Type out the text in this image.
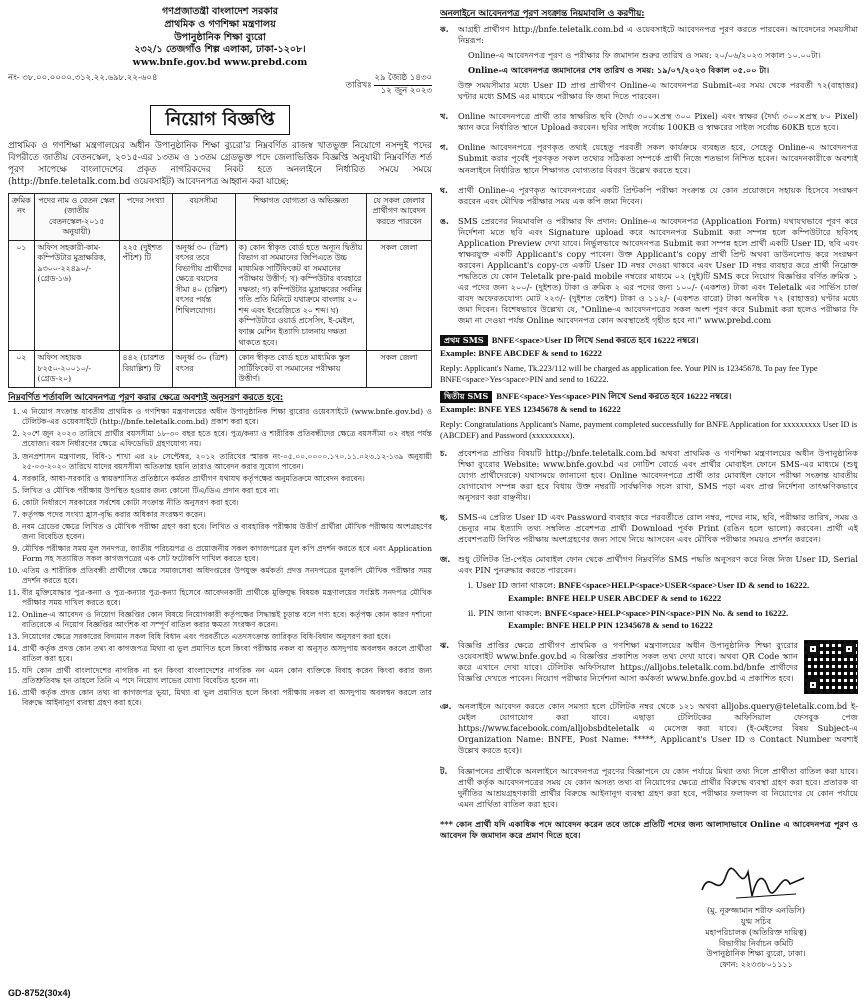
গণপ্রজাতন্ত্রী বাংলাদেশ সরকার
প্রাথমিক ও গণশিক্ষা মন্ত্রণালয়
উপানুষ্ঠানিক শিক্ষা ব্যুরো
২৩২/১ তেজগাঁও শিল্প এলাকা, ঢাকা-১২০৮।
www.bnfe.gov.bd www.prebd.com
নং- ৩৮.০০.০০০০.৩১২.২২.৬৯৮.২২-৬০৪
তারিখঃ
২৯ জ্যৈষ্ঠ ১৪৩০
১২ জুন ২০২৩
নিয়োগ বিজ্ঞপ্তি

প্রাথমিক ও গণশিক্ষা মন্ত্রণালয়ের অধীন উপানুষ্ঠানিক শিক্ষা ব্যুরো'র নিম্নবর্ণিত রাজস্ব খাতভুক্ত নিয়োগে নসন্দুই পদের বিপরীতে জাতীয় বেতনস্কেল, ২০১৫-এর ১৩তম ও ১৩তম গ্রেডভুক্ত পদে জেলাভিত্তিক বিজ্ঞপ্তি অনুযায়ী নিম্নবর্ণিত শর্ত পূরণ সাপেক্ষে বাংলাদেশের প্রকৃত নাগরিকদের নিকট হতে অনলাইনে নির্ধারিত সময়ে সময়ে (http://bnfe.teletalk.com.bd ওয়েবসাইট) আবেদনপত্র আহ্বান করা যাচ্ছে:

ক্রমিক নং	পদের নাম ও বেতন স্কেল (জাতীয় বেতনস্কেল-২০১৫ অনুযায়ী)	পদের সংখ্যা	বয়সসীমা	শিক্ষাগত যোগ্যতা ও অভিজ্ঞতা	যে সকল জেলার প্রার্থীগণ আবেদন করতে পারবেন
০১	অফিস সহকারী-কাম-কম্পিউটার মুদ্রাক্ষরিক, ৯৩০০-২২৪৯০/- (গ্রেড-১৬)	২২৫ (দুইশত পঁচিশ) টি	অনূর্ধ্ব ৩০ (ত্রিশ) বৎসর তবে বিভাগীয় প্রার্থীদের ক্ষেত্রে বয়সের সীমা ৪০ (চল্লিশ) বৎসর পর্যন্ত শিথিলযোগ্য।	ক) কোন স্বীকৃত বোর্ড হতে অন্যূন দ্বিতীয় বিভাগ বা সমমানের জিপিএতে উচ্চ মাধ্যমিক সার্টিফিকেট বা সমমানের পরীক্ষায় উত্তীর্ণ; খ) কম্পিউটার ব্যবহারে দক্ষতা; গ) কম্পিউটার মুদ্রাক্ষরের সর্বনিম্ন গতি প্রতি মিনিটে যথাক্রমে বাংলায় ২০ শব্দ এবং ইংরেজিতে ২০ শব্দ। ঘ) কম্পিউটারে ওয়ার্ড প্রসেসিং, ই-মেইল, ফ্যাক্স মেশিন ইত্যাদি চালনায় দক্ষতা থাকতে হবে।	সকল জেলা
০২	অফিস সহায়ক ৮২৫০-২০০১০/- (গ্রেড-২০)	৪৪২ (চারশত বিয়াল্লিশ) টি	অনূর্ধ্ব ৩০ (ত্রিশ) বৎসর	কোন স্বীকৃত বোর্ড হতে মাধ্যমিক স্কুল সার্টিফিকেট বা সমমানের পরীক্ষায় উত্তীর্ণ।	সকল জেলা
নিম্নবর্ণিত শর্তাবলি আবেদনপত্র পূরণ করার ক্ষেত্রে অবশ্যই অনুসরণ করতে হবে:
1. এ নিয়োগ সংক্রান্ত যাবতীয় প্রাথমিক ও গণশিক্ষা মন্ত্রণালয়ের অধীন উপানুষ্ঠানিক শিক্ষা ব্যুরোর ওয়েবসাইটে (www.bnfe.gov.bd) ও টেলিটক-এর ওয়েবসাইটে (http://bnfe.teletalk.com.bd) প্রকাশ করা হবে।
2. ২০শে জুন ২০২৩ তারিখে প্রার্থীর বয়সসীমা ১৮-৩০ বছর হতে হবে। পুত্র/কন্যা ও শারীরিক প্রতিবন্ধীদের ক্ষেত্রে বয়সসীমা ৩২ বছর পর্যন্ত প্রযোজ্য। বয়স নির্ধারণের ক্ষেত্রে এফিডেভিট গ্রহণযোগ্য নয়।
3. জনপ্রশাসন মন্ত্রণালয়, বিধি-১ শাখা এর ২৮ সেপ্টেম্বর, ২০১২ তারিখের স্মারক নং-০৫.০০.০০০০.১৭০.১১.০২৩.১২-১৩৯ অনুযায়ী ২৫-০৩-২০২০ তারিখে যাদের বয়সসীমা অতিক্রান্ত হয়নি তারাও আবেদন করার সুযোগ পাবেন।
4. সরকারি, আধা-সরকারি ও স্বায়ত্তশাসিত প্রতিষ্ঠানে কর্মরত প্রার্থীগণ যথাযথ কর্তৃপক্ষের অনুমতিক্রমে আবেদন করবেন।
5. লিখিত ও মৌখিক পরীক্ষায় উপস্থিত হওয়ার জন্য কোনো টিএ/ডিএ প্রদান করা হবে না।
6. কোটা নির্ধারণে সরকারের সর্বশেষ কোটা সংক্রান্ত নীতি অনুসরণ করা হবে।
7. কর্তৃপক্ষ পদের সংখ্যা হ্রাস-বৃদ্ধি করার অধিকার সংরক্ষণ করেন।
8. নবম গ্রেডের ক্ষেত্রে লিখিত ও মৌখিক পরীক্ষা গ্রহণ করা হবে। লিখিত ও ব্যবহারিক পরীক্ষায় উত্তীর্ণ প্রার্থীরা মৌখিক পরীক্ষায় অংশগ্রহণের জন্য বিবেচিত হবেন।
9. মৌখিক পরীক্ষার সময় মূল সনদপত্র, জাতীয় পরিচয়পত্র ও প্রয়োজনীয় সকল কাগজপত্রের মূল কপি প্রদর্শন করতে হবে এবং Application Form সহ সত্যায়িত সকল কাগজপত্রের এক সেট ফটোকপি দাখিল করতে হবে।
10. এতিম ও শারীরিক প্রতিবন্ধী প্রার্থীদের ক্ষেত্রে সমাজসেবা অধিদপ্তরের উপযুক্ত কর্মকর্তা প্রদত্ত সনদপত্রের মূলকপি মৌখিক পরীক্ষার সময় প্রদর্শন করতে হবে।
11. বীর মুক্তিযোদ্ধার পুত্র-কন্যা ও পুত্র-কন্যার পুত্র-কন্যা হিসেবে আবেদনকারী প্রার্থীকে মুক্তিযুদ্ধ বিষয়ক মন্ত্রণালয়ের সংশ্লিষ্ট সনদপত্র মৌখিক পরীক্ষার সময় দাখিল করতে হবে।
12. Online-এ আবেদন ও নিয়োগ বিজ্ঞপ্তির কোন বিষয়ে নিয়োগকারী কর্তৃপক্ষের সিদ্ধান্তই চূড়ান্ত বলে গণ্য হবে। কর্তৃপক্ষ কোন কারণ দর্শানো ব্যতিরেকে এ নিয়োগ বিজ্ঞপ্তির আংশিক বা সম্পূর্ণ বাতিল করার ক্ষমতা সংরক্ষণ করেন।
13. নিয়োগের ক্ষেত্রে সরকারের বিদ্যমান সকল বিধি বিধান এবং পরবর্তীতে এতদসংক্রান্ত জারিকৃত বিধি-বিধান অনুসরণ করা হবে।
14. প্রার্থী কর্তৃক প্রদত্ত কোন তথ্য বা কাগজপত্র মিথ্যা বা ভুল প্রমাণিত হলে কিংবা পরীক্ষায় নকল বা অনুসৃত অসদুপায় অবলম্বন করলে প্রার্থীতা বাতিল করা হবে।
15. যদি কোন প্রার্থী বাংলাদেশের নাগরিক না হন কিংবা বাংলাদেশের নাগরিক নন এমন কোন ব্যক্তিকে বিবাহ করেন কিংবা করার জন্য প্রতিশ্রুতিবদ্ধ হন তাহলে তিনি এ পদে নিয়োগ লাভের যোগ্য বিবেচিত হবেন না।
16. প্রার্থী কর্তৃক প্রদত্ত কোন তথ্য বা কাগজপত্র ভুয়া, মিথ্যা বা ভুল প্রমাণিত হলে কিংবা পরীক্ষায় নকল বা অসদুপায় অবলম্বন করলে তার বিরুদ্ধে আইনানুগ ব্যবস্থা গ্রহণ করা হবে।
অনলাইনে আবেদনপত্র পূরণ সংক্রান্ত নিয়মাবলি ও করণীয়:
ক.	আগ্রহী প্রার্থীগণ http://bnfe.teletalk.com.bd এ ওয়েবসাইটে আবেদনপত্র পূরণ করতে পারবেন। আবেদনের সময়সীমা নিম্নরূপ:

Online-এ আবেদনপত্র পূরণ ও পরীক্ষার ফি জমাদান শুরুর তারিখ ও সময়: ২০/০৬/২০২৩ সকাল ১০.০০টা।

Online-এ আবেদনপত্র জমাদানের শেষ তারিখ ও সময়: ১৯/০৭/২০২৩ বিকাল ০৫.০০ টা।

উক্ত সময়সীমার মধ্যে User ID প্রাপ্ত প্রার্থীগণ Online-এ আবেদনপত্র Submit-এর সময় থেকে পরবর্তী ৭২(বাহাত্তর) ঘণ্টার মধ্যে SMS এর মাধ্যমে পরীক্ষার ফি জমা দিতে পারবেন।

খ.	Online আবেদনপত্রে প্রার্থী তার স্বাক্ষরিত ছবি (দৈর্ঘ্য ৩০০×প্রস্থ ৩০০ Pixel) এবং স্বাক্ষর (দৈর্ঘ্য ৩০০×প্রস্থ ৮০ Pixel) স্ক্যান করে নির্ধারিত স্থানে Upload করবেন। ছবির সাইজ সর্বোচ্চ 100KB ও স্বাক্ষরের সাইজ সর্বোচ্চ 60KB হতে হবে।

গ.	Online আবেদনপত্রে পূরণকৃত তথ্যই যেহেতু পরবর্তী সকল কার্যক্রমে ব্যবহৃত হবে, সেহেতু Online-এ আবেদনপত্র Submit করার পূর্বেই পূরণকৃত সকল তথ্যের সঠিকতা সম্পর্কে প্রার্থী নিজে শতভাগ নিশ্চিত হবেন। আবেদনকারীকে অবশ্যই অনলাইনে নির্ধারিত স্থানে শিক্ষাগত যোগ্যতার বিবরণ উল্লেখ করতে হবে।

ঘ.	প্রার্থী Online-এ পূরণকৃত আবেদনপত্রের একটি প্রিন্টকপি পরীক্ষা সংক্রান্ত যে কোন প্রয়োজনে সহায়ক হিসেবে সংরক্ষণ করবেন এবং মৌখিক পরীক্ষার সময় এক কপি জমা দিবেন।

ঙ.	SMS প্রেরণের নিয়মাবলি ও পরীক্ষার ফি প্রদান: Online-এ আবেদনপত্র (Application Form) যথাযথভাবে পূরণ করে নির্দেশনা মতে ছবি এবং Signature upload করে আবেদনপত্র Submit করা সম্পন্ন হলে কম্পিউটারে ছবিসহ Application Preview দেখা যাবে। নির্ভুলভাবে আবেদনপত্র Submit করা সম্পন্ন হলে প্রার্থী একটি User ID, ছবি এবং স্বাক্ষরযুক্ত একটি Applicant's copy পাবেন। উক্ত Applicant's copy প্রার্থী প্রিন্ট অথবা ডাউনলোড করে সংরক্ষণ করবেন। Applicant's copy-তে একটি User ID নম্বর দেওয়া থাকবে এবং User ID নম্বর ব্যবহার করে প্রার্থী নিম্নোক্ত পদ্ধতিতে যে কোন Teletalk pre-paid mobile নম্বরের মাধ্যমে ০২ (দুই)টি SMS করে নিয়োগ বিজ্ঞপ্তির বর্ণিত ক্রমিক ১ এর পদের জন্য ২০০/- (দুইশত) টাকা ও ক্রমিক ২ এর পদের জন্য ১০০/- (একশত) টাকা এবং Teletalk এর সার্ভিস চার্জ বাবদ অফেরতযোগ্য মোট ২২৩/- (দুইশত তেইশ) টাকা ও ১১২/- (একশত বারো) টাকা অনধিক ৭২ (বাহাত্তর) ঘণ্টার মধ্যে জমা দিবেন। বিশেষভাবে উল্লেখ্য যে, "Online-এ আবেদনপত্রের সকল অংশ পূরণ করে Submit করা হলেও পরীক্ষার ফি জমা না দেওয়া পর্যন্ত Online আবেদনপত্র কোন অবস্থাতেই গৃহীত হবে না।" www.prebd.com

প্রথম SMS BNFE<space>User ID লিখে Send করতে হবে 16222 নম্বরে।
Example: BNFE ABCDEF & send to 16222
Reply: Applicant's Name, Tk.223/112 will be charged as application fee. Your PIN is 12345678. To pay fee Type BNFE<space>Yes<space>PIN and send to 16222.
দ্বিতীয় SMS BNFE<space>Yes<space>PIN লিখে Send করতে হবে 16222 নম্বরে।
Example: BNFE YES 12345678 & send to 16222
Reply: Congratulations Applicant's Name, payment completed successfully for BNFE Application for xxxxxxxxx User ID is (ABCDEF) and Password (xxxxxxxxx).
চ.	প্রবেশপত্র প্রাপ্তির বিষয়টি http://bnfe.teletalk.com.bd অথবা প্রাথমিক ও গণশিক্ষা মন্ত্রণালয়ের অধীন উপানুষ্ঠানিক শিক্ষা ব্যুরোর Website: www.bnfe.gov.bd এর নোটিশ বোর্ডে এবং প্রার্থীর মোবাইল ফোনে SMS-এর মাধ্যমে (শুধু যোগ্য প্রার্থীদেরকে) যথাসময়ে জানানো হবে। Online আবেদনপত্রে প্রার্থী তার মোবাইল ফোনে পরীক্ষা সংক্রান্ত যাবতীয় যোগাযোগ সম্পন্ন করা হবে বিধায় উক্ত নম্বরটি সার্বক্ষণিক সচল রাখা, SMS পড়া এবং প্রাপ্ত নির্দেশনা তাৎক্ষণিকভাবে অনুসরণ করা বাঞ্ছনীয়।

ছ.	SMS-এ প্রেরিত User ID এবং Password ব্যবহার করে পরবর্তীতে রোল নম্বর, পদের নাম, ছবি, পরীক্ষার তারিখ, সময় ও ভেন্যুর নাম ইত্যাদি তথ্য সম্বলিত প্রবেশপত্র প্রার্থী Download পূর্বক Print (রঙিন হলে ভালো) করবেন। প্রার্থী এই প্রবেশপত্রটি লিখিত পরীক্ষায় অংশগ্রহণের জন্য সাথে নিয়ে আসবেন এবং মৌখিক পরীক্ষার সময়ও প্রদর্শন করবেন।

জ. শুধু টেলিটক প্রি-পেইড মোবাইল ফোন থেকে প্রার্থীগণ নিম্নবর্ণিত SMS পদ্ধতি অনুসরণ করে নিজ নিজ User ID, Serial এবং PIN পুনরুদ্ধার করতে পারবেন।

i. User ID জানা থাকলে: BNFE<space>HELP<space>USER<space>User ID & send to 16222.
Example: BNFE HELP USER ABCDEF & send to 16222
ii. PIN জানা থাকলে: BNFE<space>HELP<space>PIN<space>PIN No. & send to 16222.
Example: BNFE HELP PIN 12345678 & send to 16222
ঝ.	বিজ্ঞপ্তি প্রাপ্তির ক্ষেত্রে প্রার্থীগণ প্রাথমিক ও গণশিক্ষা মন্ত্রণালয়ের অধীন উপানুষ্ঠানিক শিক্ষা ব্যুরোর ওয়েবসাইট www.bnfe.gov.bd এ বিজ্ঞপ্তির প্রকাশিত সকল তথ্য দেখা যাবে। অথবা QR Code স্ক্যান করে এখানে দেখা যাবে। টেলিটক অফিসিয়াল https://alljobs.teletalk.com.bd/bnfe প্রার্থীদের বিজ্ঞপ্তি দেখতে পাবেন। নিয়োগ পরীক্ষার নির্দেশনা আসা কর্মকর্তা www.bnfe.gov.bd এ প্রকাশিত হবে।

ঞ. অনলাইনে আবেদন করতে কোন সমস্যা হলে টেলিটক নম্বর থেকে ১২১ অথবা alljobs.query@teletalk.com.bd ই-মেইল যোগাযোগ করা যাবে। এছাড়া টেলিটকের অফিসিয়াল ফেসবুক পেজ https://www.facebook.com/alljobsbdteletalk এ মেসেজ করা যাবে। (ই-মেইলের বিষয় Subject-এ Organization Name: BNFE, Post Name: *****, Applicant's User ID ও Contact Number অবশ্যই উল্লেখ করতে হবে)।

ট.	বিজ্ঞাপনের প্রার্থীকে অনলাইনে আবেদনপত্র পূরণের বিজ্ঞাপনে যে কোন পর্যায়ে মিথ্যা তথ্য দিলে প্রার্থীতা বাতিল করা যাবে। প্রার্থী কর্তৃক আবেদনপত্রের সময় যে কোন অসত্য তথ্য বা নিয়োগের ক্ষেত্রে প্রার্থীর বিরুদ্ধে ব্যবস্থা গ্রহণ করা হবে। প্রতারক বা দুর্নীতির আশ্রয়গ্রহণকারী প্রার্থীর বিরুদ্ধে আইনানুগ ব্যবস্থা গ্রহণ করা হবে, পরীক্ষার ফলাফল বা নিয়োগের যে কোন পর্যায়ে এমন প্রার্থিতা বাতিল করা হবে।

*** কোন প্রার্থী যদি একাধিক পদে আবেদন করেন তবে তাকে প্রতিটি পদের জন্য আলাদাভাবে Online এ আবেদনপত্র পূরণ ও আবেদন ফি জমাদান করে প্রমাণ দিতে হবে।

(মু. নূরুজ্জামান শরীফ এনডিসি)
যুগ্ম সচিব
মহাপরিচালক (অতিরিক্ত দায়িত্ব)
বিভাগীয় নির্বাচন কমিটি
উপানুষ্ঠানিক শিক্ষা ব্যুরো, ঢাকা।
ফোন: ২২৩৩৮০১১১১
GD-8752(30x4)
